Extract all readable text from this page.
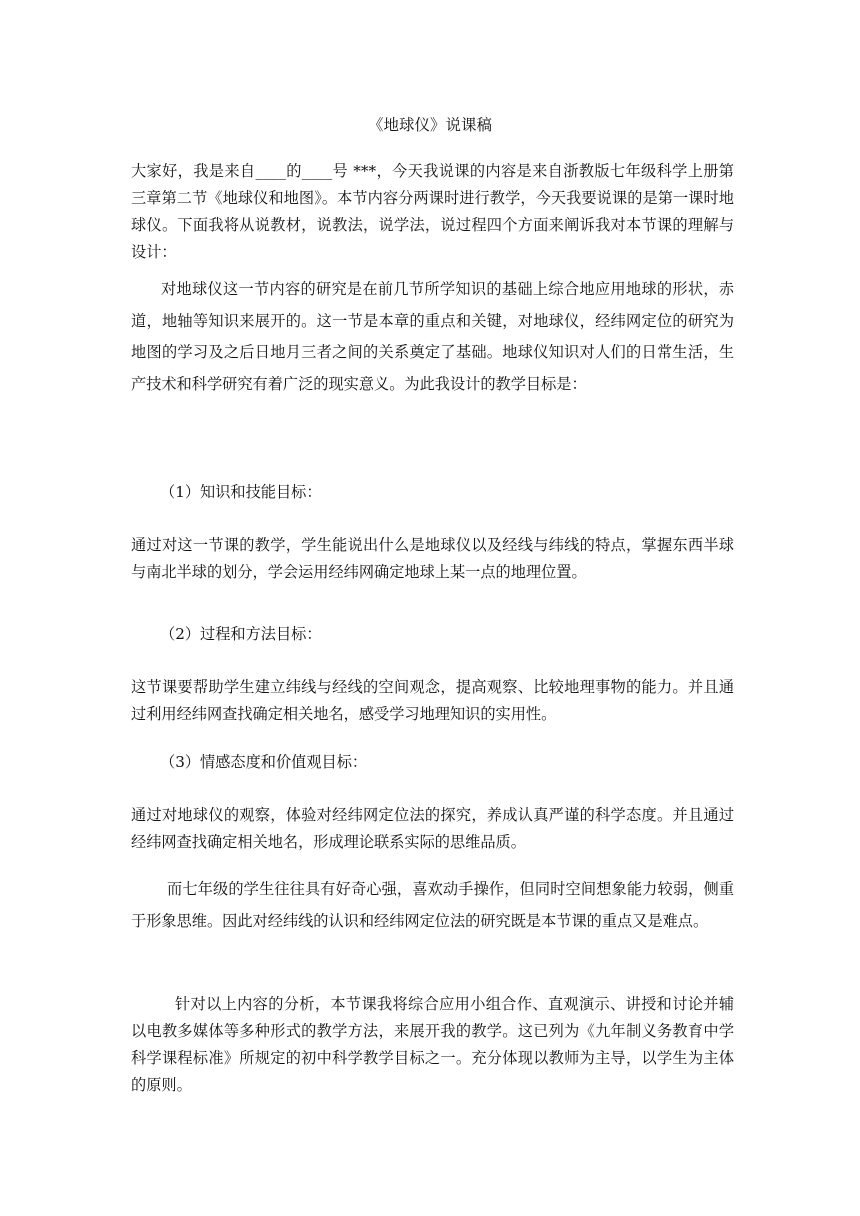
《地球仪》说课稿

大家好，我是来自____的____号 ***，今天我说课的内容是来自浙教版七年级科学上册第三章第二节《地球仪和地图》。本节内容分两课时进行教学，今天我要说课的是第一课时地球仪。下面我将从说教材，说教法，说学法，说过程四个方面来阐诉我对本节课的理解与设计：

对地球仪这一节内容的研究是在前几节所学知识的基础上综合地应用地球的形状，赤道，地轴等知识来展开的。这一节是本章的重点和关键，对地球仪，经纬网定位的研究为地图的学习及之后日地月三者之间的关系奠定了基础。地球仪知识对人们的日常生活，生产技术和科学研究有着广泛的现实意义。为此我设计的教学目标是：

（1）知识和技能目标：

通过对这一节课的教学，学生能说出什么是地球仪以及经线与纬线的特点，掌握东西半球与南北半球的划分，学会运用经纬网确定地球上某一点的地理位置。

（2）过程和方法目标：

这节课要帮助学生建立纬线与经线的空间观念，提高观察、比较地理事物的能力。并且通过利用经纬网查找确定相关地名，感受学习地理知识的实用性。

（3）情感态度和价值观目标：

通过对地球仪的观察，体验对经纬网定位法的探究，养成认真严谨的科学态度。并且通过经纬网查找确定相关地名，形成理论联系实际的思维品质。

而七年级的学生往往具有好奇心强，喜欢动手操作，但同时空间想象能力较弱，侧重于形象思维。因此对经纬线的认识和经纬网定位法的研究既是本节课的重点又是难点。

针对以上内容的分析，本节课我将综合应用小组合作、直观演示、讲授和讨论并辅以电教多媒体等多种形式的教学方法，来展开我的教学。这已列为《九年制义务教育中学科学课程标准》所规定的初中科学教学目标之一。充分体现以教师为主导，以学生为主体的原则。
